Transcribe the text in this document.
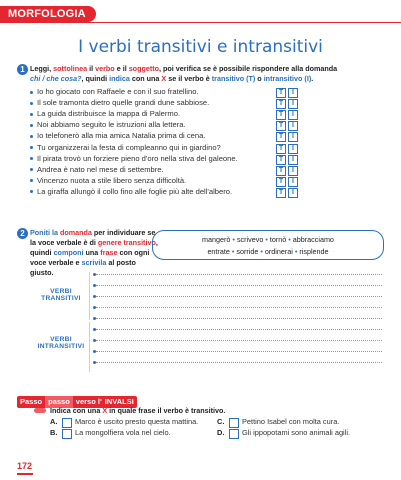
MORFOLOGIA
I verbi transitivi e intransitivi
1 Leggi, sottolinea il verbo e il soggetto, poi verifica se è possibile rispondere alla domanda
chi / che cosa?, quindi indica con una X se il verbo è transitivo (T) o intransitivo (I).
Io ho giocato con Raffaele e con il suo fratellino.	T	I
Il sole tramonta dietro quelle grandi dune sabbiose.	T	I
La guida distribuisce la mappa di Palermo.	T	I
Noi abbiamo seguito le istruzioni alla lettera.	T	I
Io telefonerò alla mia amica Natalia prima di cena.	T	I
Tu organizzerai la festa di compleanno qui in giardino?	T	I
Il pirata trovò un forziere pieno d'oro nella stiva del galeone.	T	I
Andrea è nato nel mese di settembre.	T	I
Vincenzo nuota a stile libero senza difficoltà.	T	I
La giraffa allungò il collo fino alle foglie più alte dell'albero.	T	I
2 Poniti la domanda per individuare se
la voce verbale è di genere transitivo,
quindi componi una frase con ogni
voce verbale e scrivila al posto giusto.
mangerò • scrivevo • tornò • abbracciamo
entrate • sorride • ordinerai • risplende
VERBI
TRANSITIVI
VERBI
INTRANSITIVI
Passo passo verso l' INVALSI
Indica con una X in quale frase il verbo è transitivo.
A. Marco è uscito presto questa mattina.
B. La mongolfiera vola nel cielo.
C. Pettino Isabel con molta cura.
D. Gli ippopotami sono animali agili.
172
